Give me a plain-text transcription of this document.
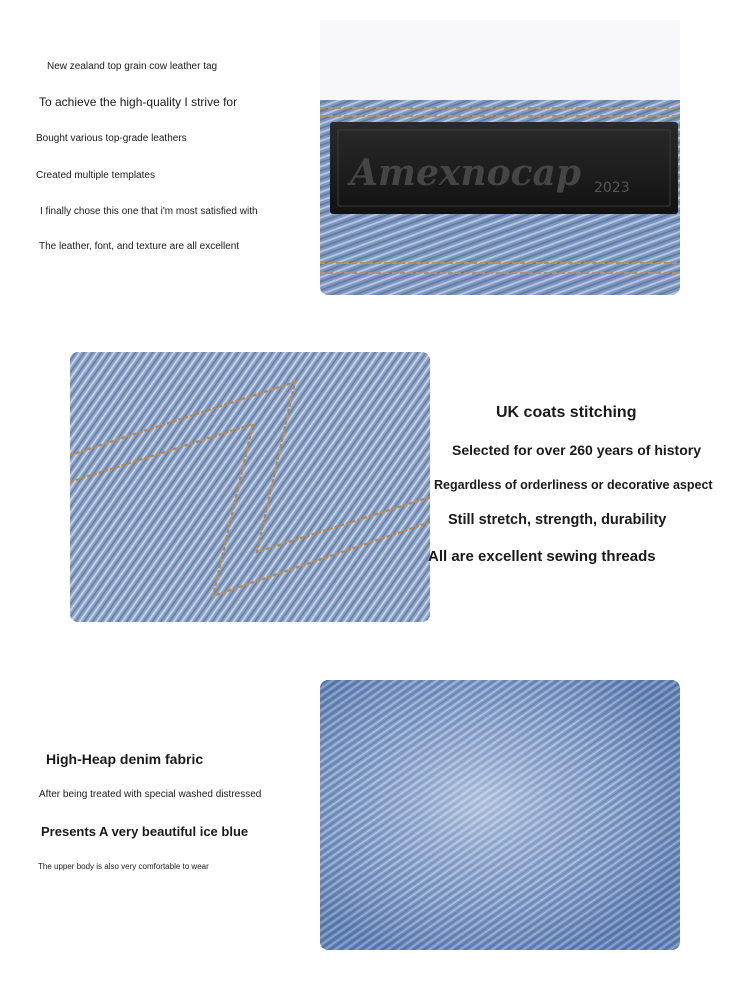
New zealand top grain cow leather tag
To achieve the high-quality I strive for
Bought various top-grade leathers
Created multiple templates
I finally chose this one that i'm most satisfied with
The leather, font, and texture are all excellent
Amexnocap 2023
UK coats stitching
Selected for over 260 years of history
Regardless of orderliness or decorative aspect
Still stretch, strength, durability
All are excellent sewing threads
High-Heap denim fabric
After being treated with special washed distressed
Presents A very beautiful ice blue
The upper body is also very comfortable to wear
